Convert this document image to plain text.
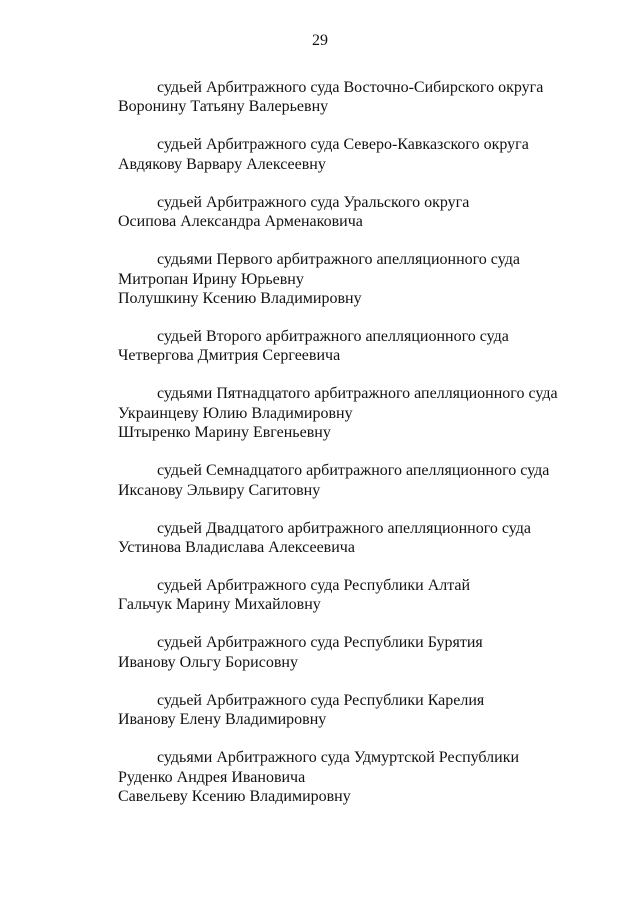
29
судьей Арбитражного суда Восточно-Сибирского округа
Воронину Татьяну Валерьевну
судьей Арбитражного суда Северо-Кавказского округа
Авдякову Варвару Алексеевну
судьей Арбитражного суда Уральского округа
Осипова Александра Арменаковича
судьями Первого арбитражного апелляционного суда
Митропан Ирину Юрьевну
Полушкину Ксению Владимировну
судьей Второго арбитражного апелляционного суда
Четвергова Дмитрия Сергеевича
судьями Пятнадцатого арбитражного апелляционного суда
Украинцеву Юлию Владимировну
Штыренко Марину Евгеньевну
судьей Семнадцатого арбитражного апелляционного суда
Иксанову Эльвиру Сагитовну
судьей Двадцатого арбитражного апелляционного суда
Устинова Владислава Алексеевича
судьей Арбитражного суда Республики Алтай
Гальчук Марину Михайловну
судьей Арбитражного суда Республики Бурятия
Иванову Ольгу Борисовну
судьей Арбитражного суда Республики Карелия
Иванову Елену Владимировну
судьями Арбитражного суда Удмуртской Республики
Руденко Андрея Ивановича
Савельеву Ксению Владимировну
